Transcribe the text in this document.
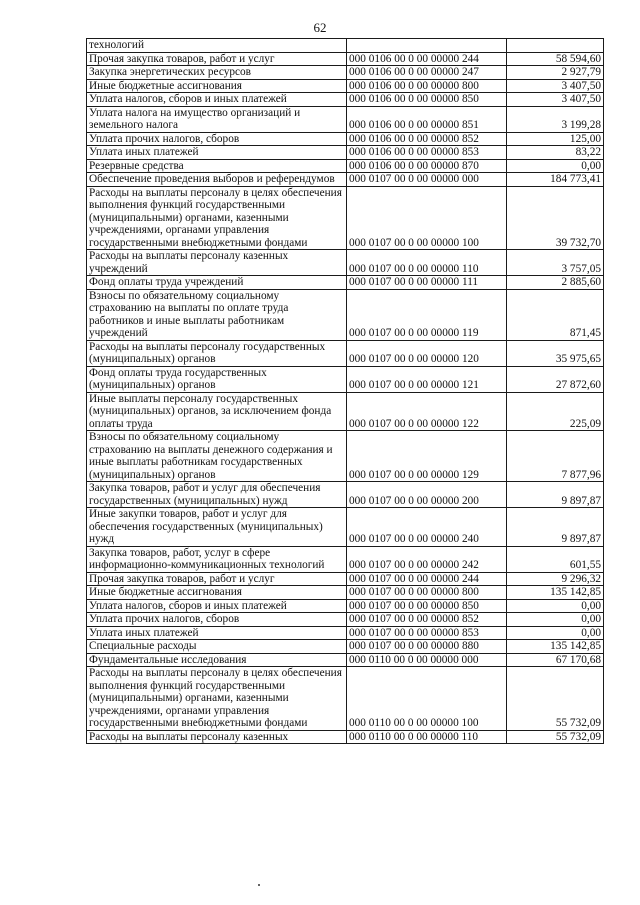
62
технологий		
Прочая закупка товаров, работ и услуг	000 0106 00 0 00 00000 244	58 594,60
Закупка энергетических ресурсов	000 0106 00 0 00 00000 247	2 927,79
Иные бюджетные ассигнования	000 0106 00 0 00 00000 800	3 407,50
Уплата налогов, сборов и иных платежей	000 0106 00 0 00 00000 850	3 407,50
Уплата налога на имущество организаций и земельного налога	000 0106 00 0 00 00000 851	3 199,28
Уплата прочих налогов, сборов	000 0106 00 0 00 00000 852	125,00
Уплата иных платежей	000 0106 00 0 00 00000 853	83,22
Резервные средства	000 0106 00 0 00 00000 870	0,00
Обеспечение проведения выборов и референдумов	000 0107 00 0 00 00000 000	184 773,41
Расходы на выплаты персоналу в целях обеспечения выполнения функций государственными (муниципальными) органами, казенными учреждениями, органами управления государственными внебюджетными фондами	000 0107 00 0 00 00000 100	39 732,70
Расходы на выплаты персоналу казенных учреждений	000 0107 00 0 00 00000 110	3 757,05
Фонд оплаты труда учреждений	000 0107 00 0 00 00000 111	2 885,60
Взносы по обязательному социальному страхованию на выплаты по оплате труда работников и иные выплаты работникам учреждений	000 0107 00 0 00 00000 119	871,45
Расходы на выплаты персоналу государственных (муниципальных) органов	000 0107 00 0 00 00000 120	35 975,65
Фонд оплаты труда государственных (муниципальных) органов	000 0107 00 0 00 00000 121	27 872,60
Иные выплаты персоналу государственных (муниципальных) органов, за исключением фонда оплаты труда	000 0107 00 0 00 00000 122	225,09
Взносы по обязательному социальному страхованию на выплаты денежного содержания и иные выплаты работникам государственных (муниципальных) органов	000 0107 00 0 00 00000 129	7 877,96
Закупка товаров, работ и услуг для обеспечения государственных (муниципальных) нужд	000 0107 00 0 00 00000 200	9 897,87
Иные закупки товаров, работ и услуг для обеспечения государственных (муниципальных) нужд	000 0107 00 0 00 00000 240	9 897,87
Закупка товаров, работ, услуг в сфере информационно-коммуникационных технологий	000 0107 00 0 00 00000 242	601,55
Прочая закупка товаров, работ и услуг	000 0107 00 0 00 00000 244	9 296,32
Иные бюджетные ассигнования	000 0107 00 0 00 00000 800	135 142,85
Уплата налогов, сборов и иных платежей	000 0107 00 0 00 00000 850	0,00
Уплата прочих налогов, сборов	000 0107 00 0 00 00000 852	0,00
Уплата иных платежей	000 0107 00 0 00 00000 853	0,00
Специальные расходы	000 0107 00 0 00 00000 880	135 142,85
Фундаментальные исследования	000 0110 00 0 00 00000 000	67 170,68
Расходы на выплаты персоналу в целях обеспечения выполнения функций государственными (муниципальными) органами, казенными учреждениями, органами управления государственными внебюджетными фондами	000 0110 00 0 00 00000 100	55 732,09
Расходы на выплаты персоналу казенных	000 0110 00 0 00 00000 110	55 732,09
